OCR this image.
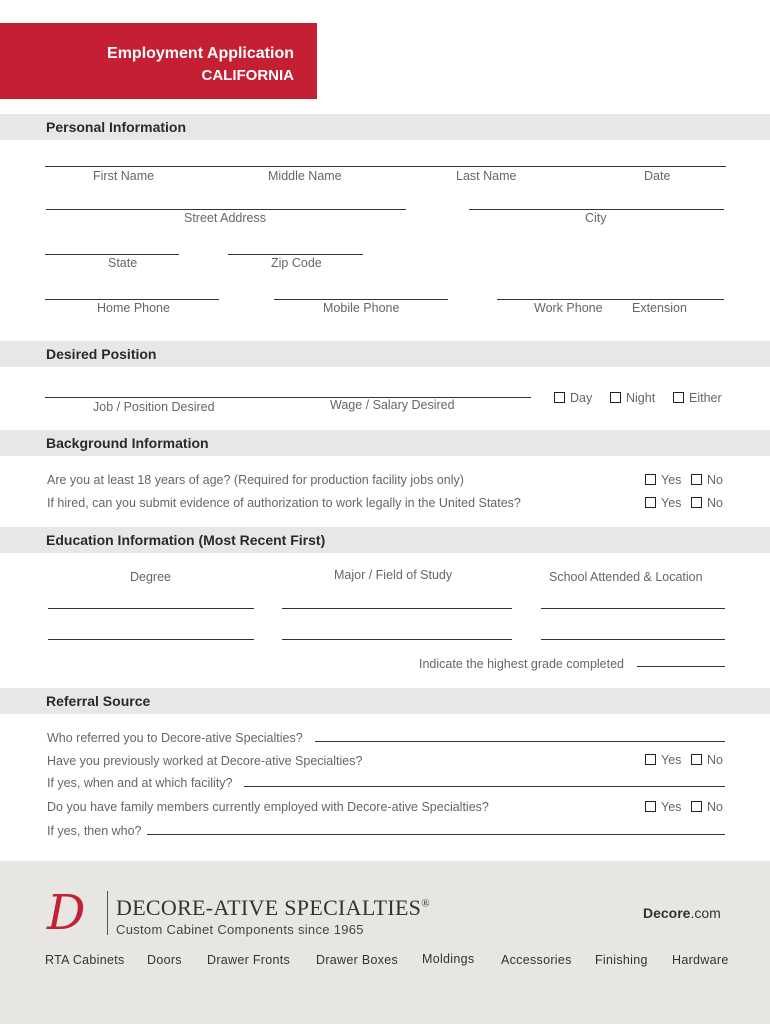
Employment Application
CALIFORNIA
Personal Information
First Name	Middle Name	Last Name	Date
Street Address	City
State	Zip Code
Home Phone	Mobile Phone	Work Phone Extension
Desired Position
Job / Position Desired	Wage / Salary Desired	Day	Night	Either
Background Information
Are you at least 18 years of age? (Required for production facility jobs only)	Yes	No
If hired, can you submit evidence of authorization to work legally in the United States?	Yes	No
Education Information (Most Recent First)
Degree	Major / Field of Study	School Attended & Location
Indicate the highest grade completed
Referral Source
Who referred you to Decore-ative Specialties?
Have you previously worked at Decore-ative Specialties?	Yes	No
If yes, when and at which facility?
Do you have family members currently employed with Decore-ative Specialties?	Yes	No
If yes, then who?
D DECORE-ATIVE SPECIALTIES®
Custom Cabinet Components since 1965
Decore.com
RTA Cabinets Doors Drawer Fronts Drawer Boxes Moldings Accessories Finishing Hardware
